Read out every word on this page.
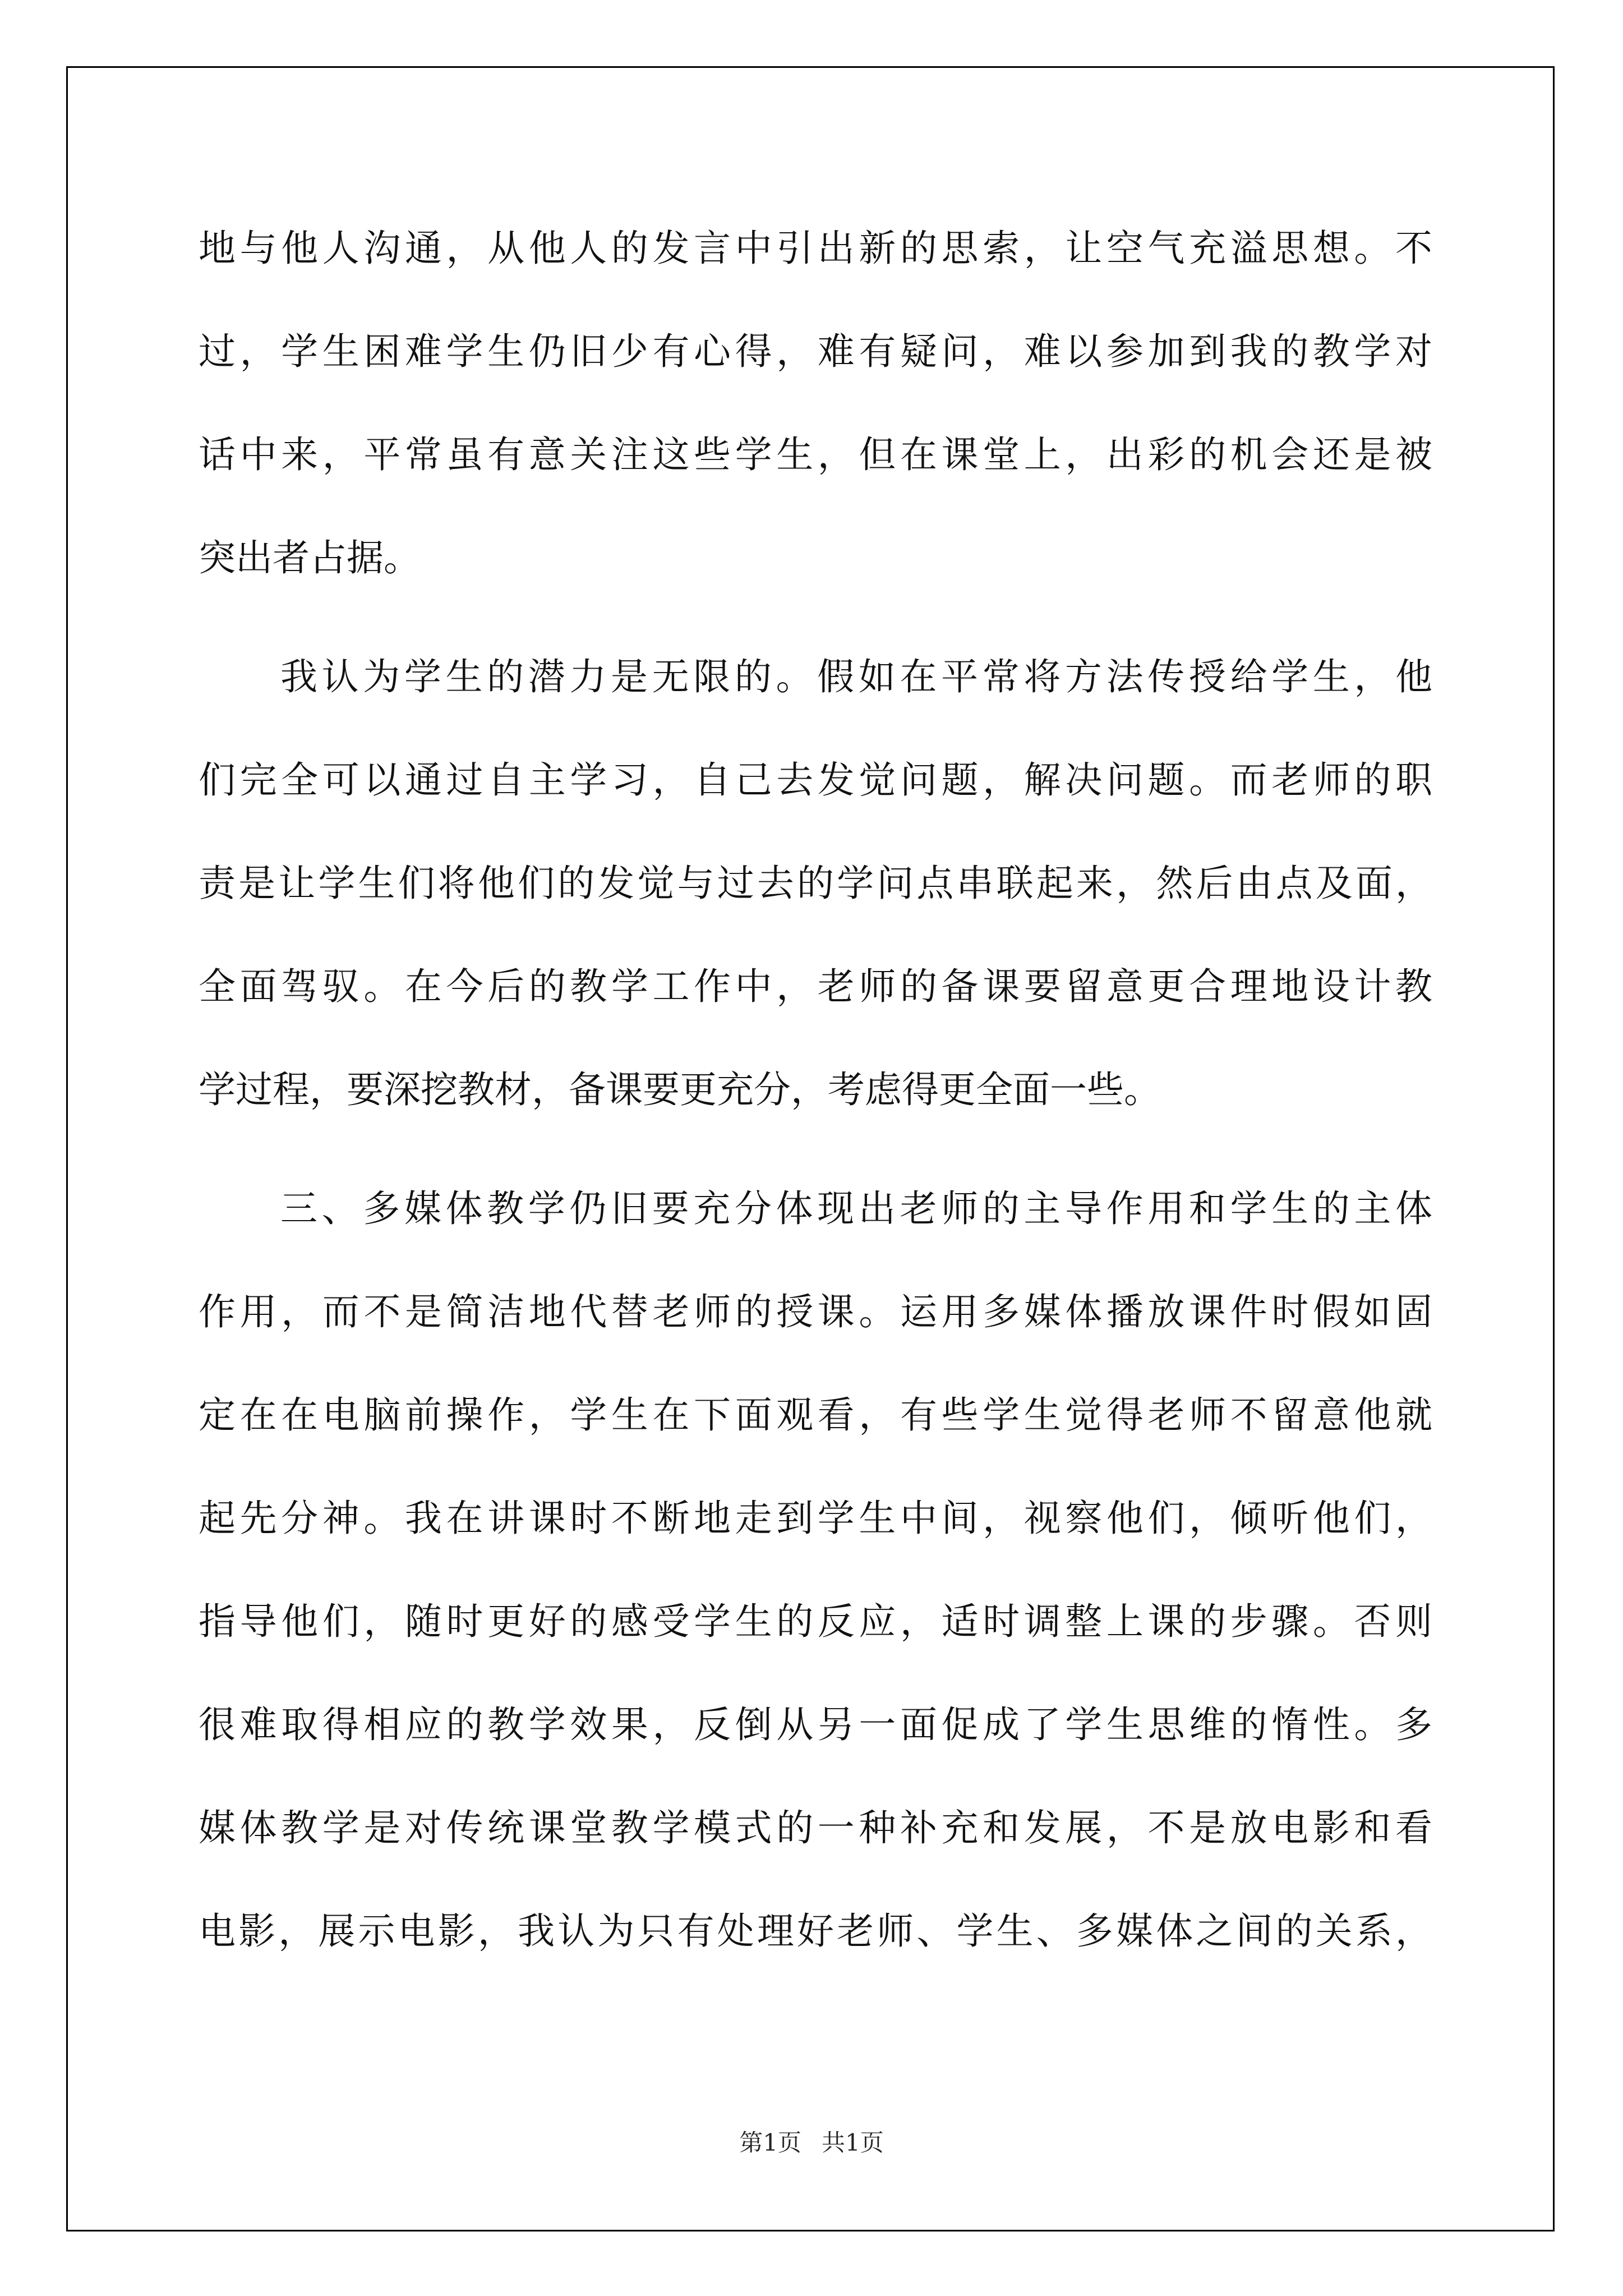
地与他人沟通，从他人的发言中引出新的思索，让空气充溢思想。不
过，学生困难学生仍旧少有心得，难有疑问，难以参加到我的教学对
话中来，平常虽有意关注这些学生，但在课堂上，出彩的机会还是被
突出者占据。
我认为学生的潜力是无限的。假如在平常将方法传授给学生，他
们完全可以通过自主学习，自己去发觉问题，解决问题。而老师的职
责是让学生们将他们的发觉与过去的学问点串联起来，然后由点及面，
全面驾驭。在今后的教学工作中，老师的备课要留意更合理地设计教
学过程，要深挖教材，备课要更充分，考虑得更全面一些。
三、多媒体教学仍旧要充分体现出老师的主导作用和学生的主体
作用，而不是简洁地代替老师的授课。运用多媒体播放课件时假如固
定在在电脑前操作，学生在下面观看，有些学生觉得老师不留意他就
起先分神。我在讲课时不断地走到学生中间，视察他们，倾听他们，
指导他们，随时更好的感受学生的反应，适时调整上课的步骤。否则
很难取得相应的教学效果，反倒从另一面促成了学生思维的惰性。多
媒体教学是对传统课堂教学模式的一种补充和发展，不是放电影和看
电影，展示电影，我认为只有处理好老师、学生、多媒体之间的关系，
第1页 共1页
